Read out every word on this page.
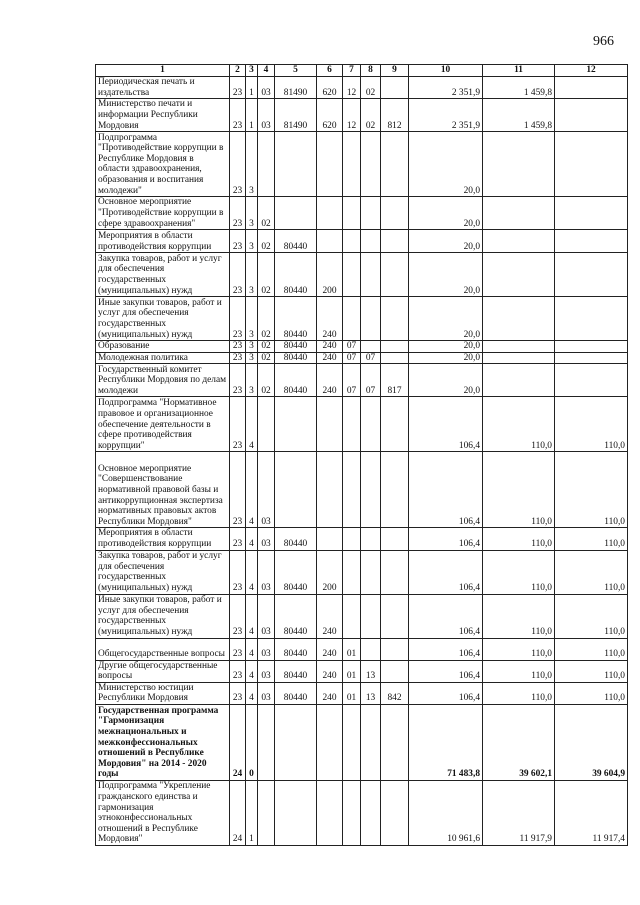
966
1	2	3	4	5	6	7	8	9	10	11	12
Периодическая печать и издательства	23	1	03	81490	620	12	02		2 351,9	1 459,8	
Министерство печати и информации Республики Мордовия	23	1	03	81490	620	12	02	812	2 351,9	1 459,8	
Подпрограмма "Противодействие коррупции в Республике Мордовия в области здравоохранения, образования и воспитания молодежи"	23	3							20,0		
Основное мероприятие "Противодействие коррупции в сфере здравоохранения"	23	3	02						20,0		
Мероприятия в области противодействия коррупции	23	3	02	80440					20,0		
Закупка товаров, работ и услуг для обеспечения государственных (муниципальных) нужд	23	3	02	80440	200				20,0		
Иные закупки товаров, работ и услуг для обеспечения государственных (муниципальных) нужд	23	3	02	80440	240				20,0		
Образование	23	3	02	80440	240	07			20,0		
Молодежная политика	23	3	02	80440	240	07	07		20,0		
Государственный комитет Республики Мордовия по делам молодежи	23	3	02	80440	240	07	07	817	20,0		
Подпрограмма "Нормативное правовое и организационное обеспечение деятельности в сфере противодействия коррупции"	23	4							106,4	110,0	110,0
Основное мероприятие "Совершенствование нормативной правовой базы и антикоррупционная экспертиза нормативных правовых актов Республики Мордовия"	23	4	03						106,4	110,0	110,0
Мероприятия в области противодействия коррупции	23	4	03	80440					106,4	110,0	110,0
Закупка товаров, работ и услуг для обеспечения государственных (муниципальных) нужд	23	4	03	80440	200				106,4	110,0	110,0
Иные закупки товаров, работ и услуг для обеспечения государственных (муниципальных) нужд	23	4	03	80440	240				106,4	110,0	110,0
Общегосударственные вопросы	23	4	03	80440	240	01			106,4	110,0	110,0
Другие общегосударственные вопросы	23	4	03	80440	240	01	13		106,4	110,0	110,0
Министерство юстиции Республики Мордовия	23	4	03	80440	240	01	13	842	106,4	110,0	110,0
Государственная программа "Гармонизация межнациональных и межконфессиональных отношений в Республике Мордовия" на 2014 - 2020 годы	24	0							71 483,8	39 602,1	39 604,9
Подпрограмма "Укрепление гражданского единства и гармонизация этноконфессиональных отношений в Республике Мордовия"	24	1							10 961,6	11 917,9	11 917,4
